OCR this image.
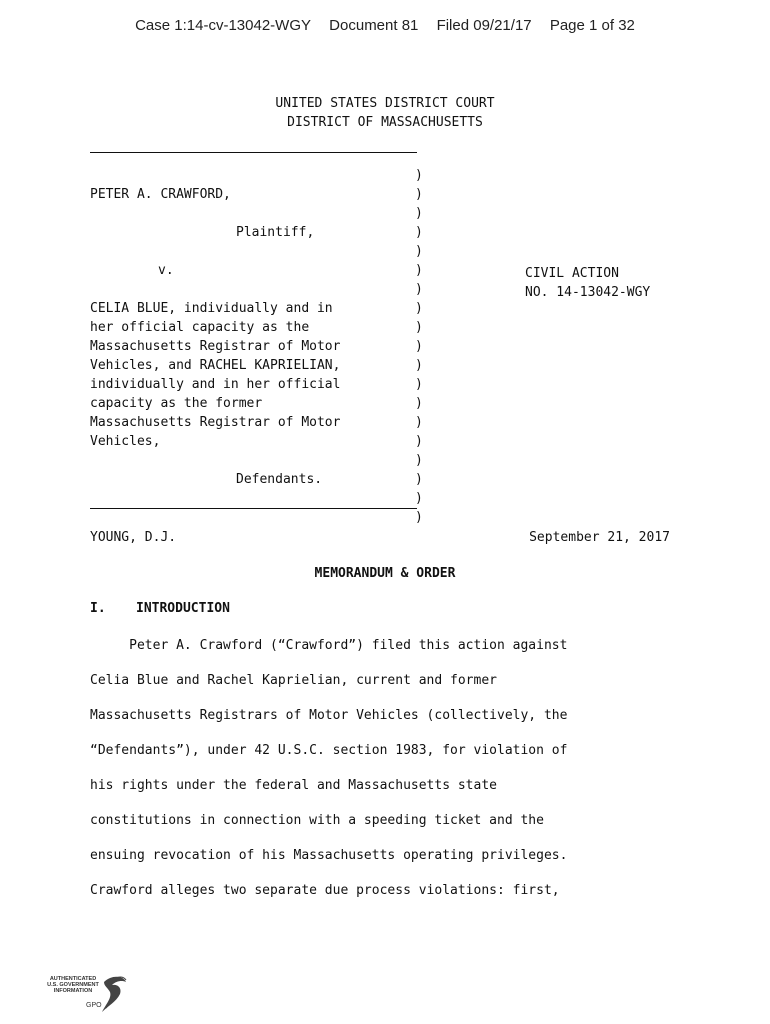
Case 1:14-cv-13042-WGY Document 81 Filed 09/21/17 Page 1 of 32
UNITED STATES DISTRICT COURT
DISTRICT OF MASSACHUSETTS
PETER A. CRAWFORD,
Plaintiff,
v.
CELIA BLUE, individually and in
her official capacity as the
Massachusetts Registrar of Motor
Vehicles, and RACHEL KAPRIELIAN,
individually and in her official
capacity as the former
Massachusetts Registrar of Motor
Vehicles,
Defendants.
)
)
)
)
)
)
)
)
)
)
)
)
)
)
)
)
)
)
)
CIVIL ACTION
NO. 14-13042-WGY
YOUNG, D.J.	September 21, 2017
MEMORANDUM & ORDER
I. INTRODUCTION
Peter A. Crawford (“Crawford”) filed this action against
Celia Blue and Rachel Kaprielian, current and former
Massachusetts Registrars of Motor Vehicles (collectively, the
“Defendants”), under 42 U.S.C. section 1983, for violation of
his rights under the federal and Massachusetts state
constitutions in connection with a speeding ticket and the
ensuing revocation of his Massachusetts operating privileges.
Crawford alleges two separate due process violations: first,
AUTHENTICATED
U.S. GOVERNMENT
INFORMATION
GPO
